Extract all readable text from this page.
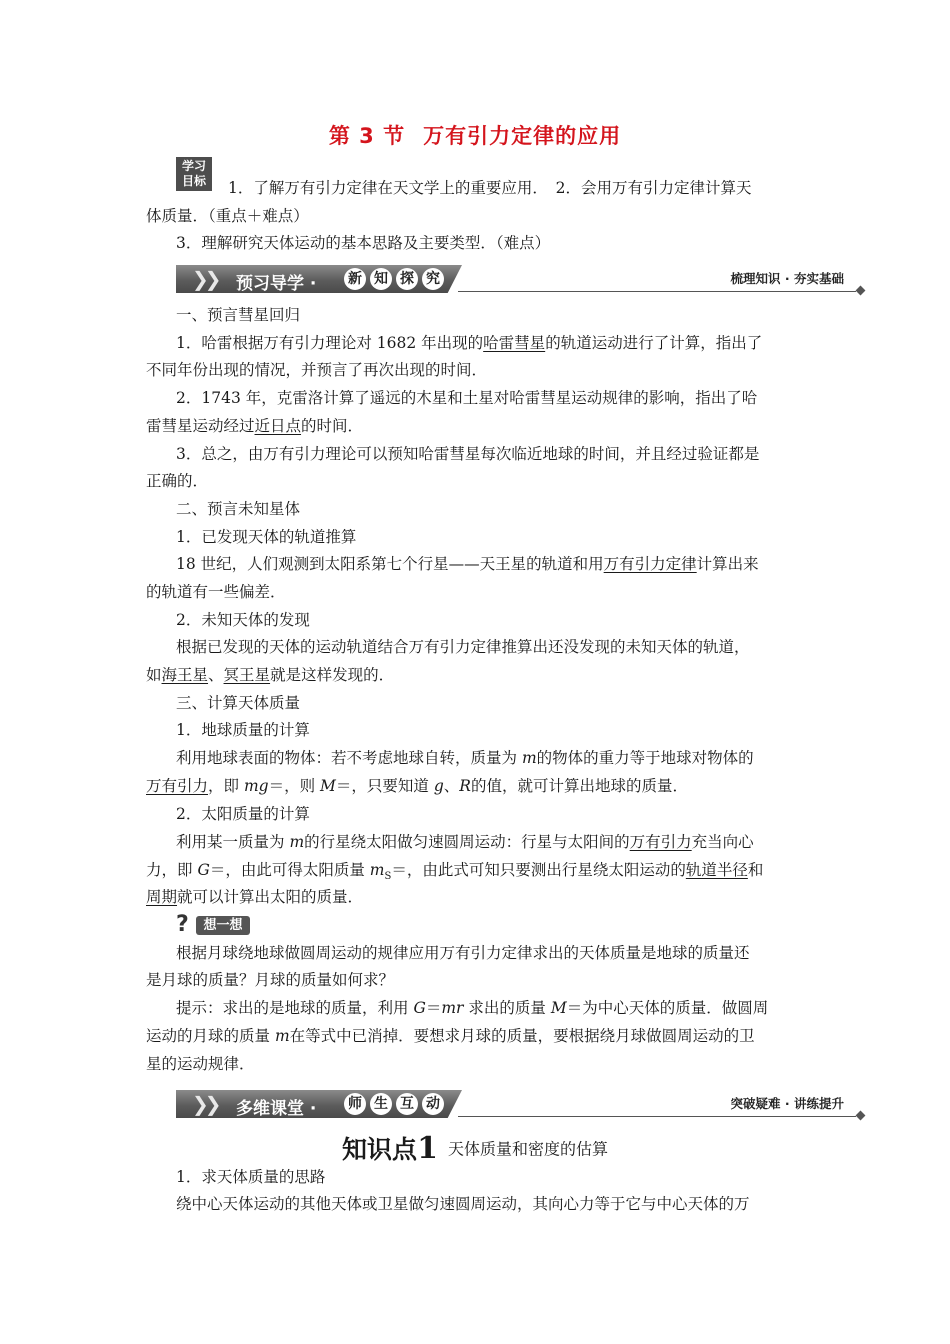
第 3 节 万有引力定律的应用
学习
目标	1．了解万有引力定律在天文学上的重要应用．　2．会用万有引力定律计算天
体质量．（重点＋难点）
3．理解研究天体运动的基本思路及主要类型．（难点）
❯❯ 预习导学 · 新 知 探 究	梳理知识 · 夯实基础
一、预言彗星回归
1．哈雷根据万有引力理论对 1682 年出现的哈雷彗星的轨道运动进行了计算，指出了
不同年份出现的情况，并预言了再次出现的时间．
2．1743 年，克雷洛计算了遥远的木星和土星对哈雷彗星运动规律的影响，指出了哈
雷彗星运动经过近日点的时间．
3．总之，由万有引力理论可以预知哈雷彗星每次临近地球的时间，并且经过验证都是
正确的．
二、预言未知星体
1．已发现天体的轨道推算
18 世纪，人们观测到太阳系第七个行星——天王星的轨道和用万有引力定律计算出来
的轨道有一些偏差．
2．未知天体的发现
根据已发现的天体的运动轨道结合万有引力定律推算出还没发现的未知天体的轨道，
如海王星、冥王星就是这样发现的．
三、计算天体质量
1．地球质量的计算
利用地球表面的物体：若不考虑地球自转，质量为 m的物体的重力等于地球对物体的
万有引力，即 mg＝，则 M＝，只要知道 g、R的值，就可计算出地球的质量．
2．太阳质量的计算
利用某一质量为 m的行星绕太阳做匀速圆周运动：行星与太阳间的万有引力充当向心
力，即 G＝，由此可得太阳质量 $m_S=$，由此式可知只要测出行星绕太阳运动的轨道半径和
周期就可以计算出太阳的质量．
?	想一想
根据月球绕地球做圆周运动的规律应用万有引力定律求出的天体质量是地球的质量还
是月球的质量？月球的质量如何求？
提示：求出的是地球的质量，利用 G＝mr 求出的质量 M＝为中心天体的质量．做圆周
运动的月球的质量 m在等式中已消掉．要想求月球的质量，要根据绕月球做圆周运动的卫
星的运动规律．
❯❯ 多维课堂 · 师 生 互 动	突破疑难 · 讲练提升
知识点1 天体质量和密度的估算
1．求天体质量的思路
绕中心天体运动的其他天体或卫星做匀速圆周运动，其向心力等于它与中心天体的万
